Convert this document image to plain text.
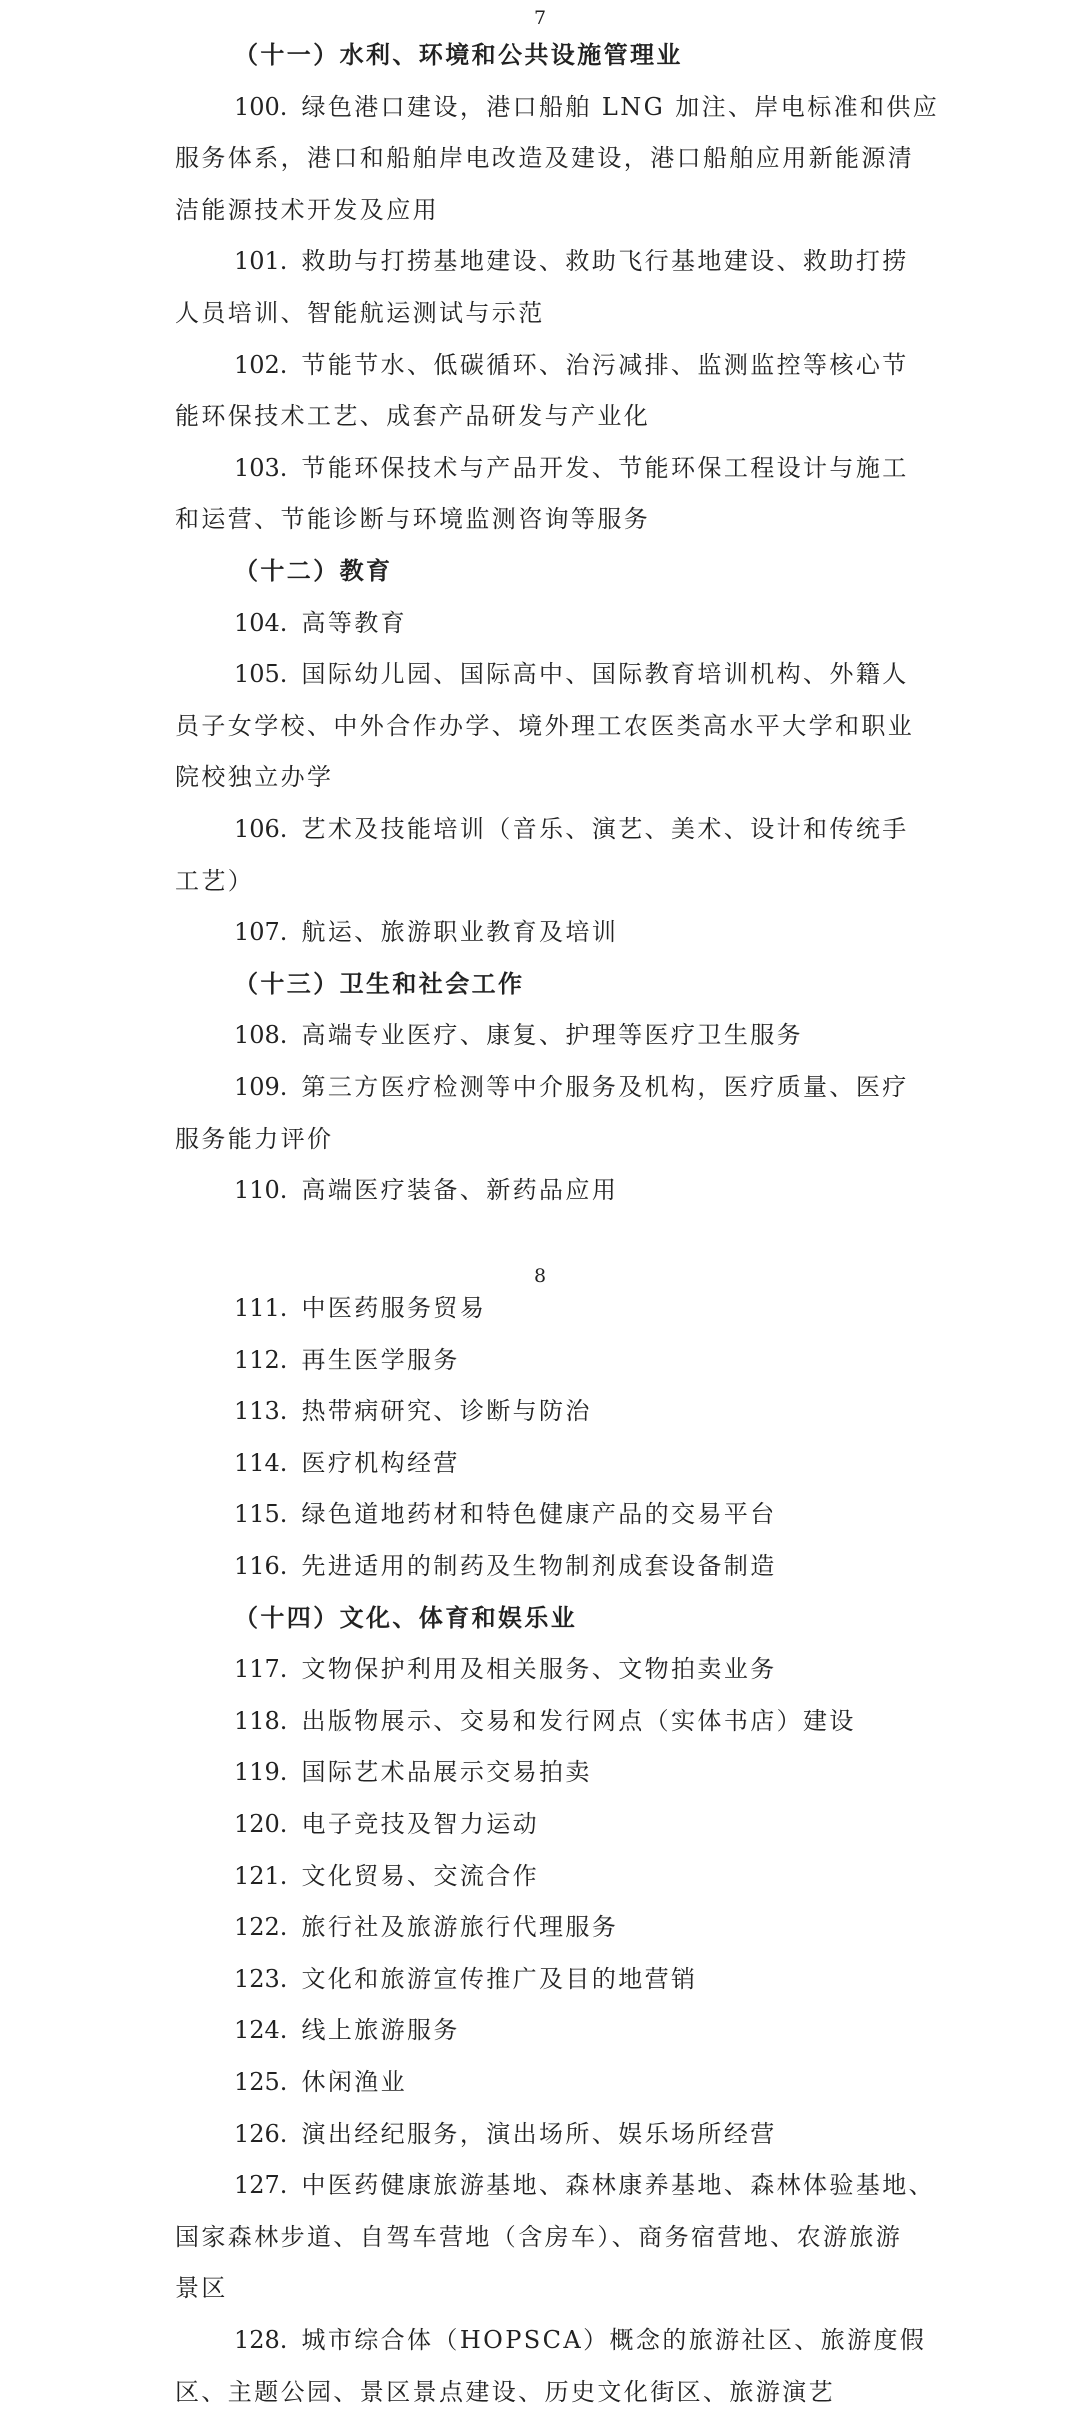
7
（十一）水利、环境和公共设施管理业
100. 绿色港口建设，港口船舶 LNG 加注、岸电标准和供应
服务体系，港口和船舶岸电改造及建设，港口船舶应用新能源清
洁能源技术开发及应用
101. 救助与打捞基地建设、救助飞行基地建设、救助打捞
人员培训、智能航运测试与示范
102. 节能节水、低碳循环、治污减排、监测监控等核心节
能环保技术工艺、成套产品研发与产业化
103. 节能环保技术与产品开发、节能环保工程设计与施工
和运营、节能诊断与环境监测咨询等服务
（十二）教育
104. 高等教育
105. 国际幼儿园、国际高中、国际教育培训机构、外籍人
员子女学校、中外合作办学、境外理工农医类高水平大学和职业
院校独立办学
106. 艺术及技能培训（音乐、演艺、美术、设计和传统手
工艺）
107. 航运、旅游职业教育及培训
（十三）卫生和社会工作
108. 高端专业医疗、康复、护理等医疗卫生服务
109. 第三方医疗检测等中介服务及机构，医疗质量、医疗
服务能力评价
110. 高端医疗装备、新药品应用
8
111. 中医药服务贸易
112. 再生医学服务
113. 热带病研究、诊断与防治
114. 医疗机构经营
115. 绿色道地药材和特色健康产品的交易平台
116. 先进适用的制药及生物制剂成套设备制造
（十四）文化、体育和娱乐业
117. 文物保护利用及相关服务、文物拍卖业务
118. 出版物展示、交易和发行网点（实体书店）建设
119. 国际艺术品展示交易拍卖
120. 电子竞技及智力运动
121. 文化贸易、交流合作
122. 旅行社及旅游旅行代理服务
123. 文化和旅游宣传推广及目的地营销
124. 线上旅游服务
125. 休闲渔业
126. 演出经纪服务，演出场所、娱乐场所经营
127. 中医药健康旅游基地、森林康养基地、森林体验基地、
国家森林步道、自驾车营地（含房车）、商务宿营地、农游旅游
景区
128. 城市综合体（HOPSCA）概念的旅游社区、旅游度假
区、主题公园、景区景点建设、历史文化街区、旅游演艺
